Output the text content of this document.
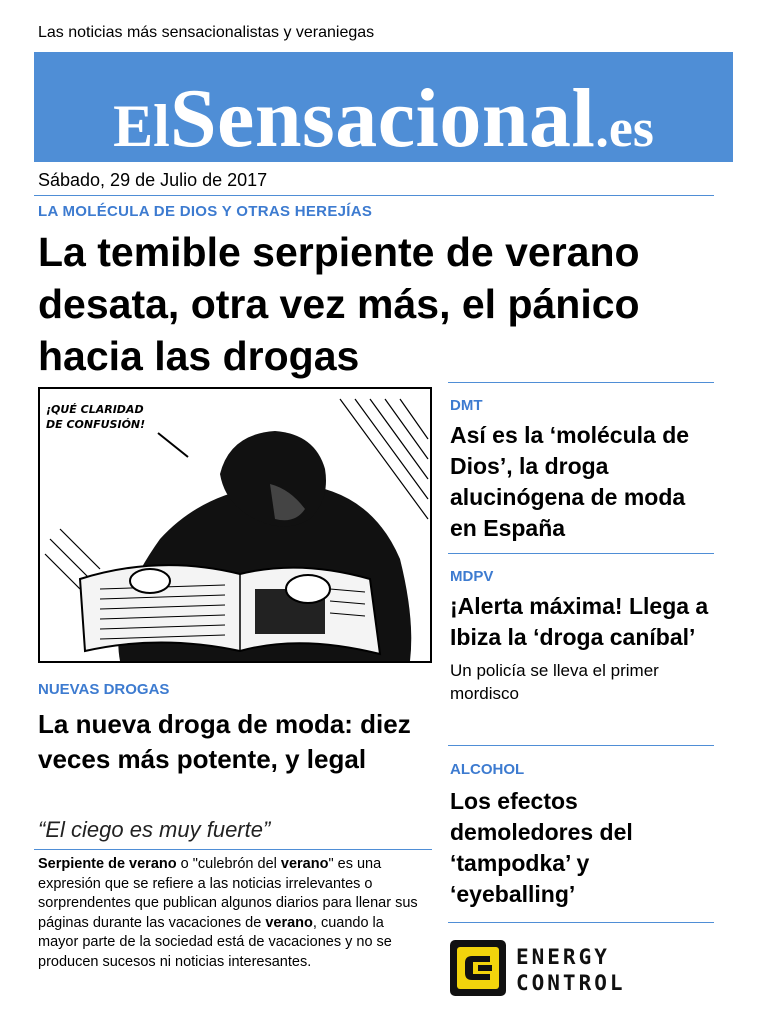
Las noticias más sensacionalistas y veraniegas
ElSensacional.es
Sábado, 29 de Julio de 2017
LA MOLÉCULA DE DIOS Y OTRAS HEREJÍAS
La temible serpiente de verano desata, otra vez más, el pánico hacia las drogas
¡QUÉ CLARIDAD
DE CONFUSIÓN!
DMT
Así es la ‘molécula de Dios’, la droga alucinógena de moda en España
MDPV
¡Alerta máxima! Llega a Ibiza la ‘droga caníbal’
Un policía se lleva el primer mordisco
ALCOHOL
Los efectos demoledores del ‘tampodka’ y ‘eyeballing’
NUEVAS DROGAS
La nueva droga de moda: diez veces más potente, y legal
“El ciego es muy fuerte”
Serpiente de verano o "culebrón del verano" es una expresión que se refiere a las noticias irrelevantes o sorprendentes que publican algunos diarios para llenar sus páginas durante las vacaciones de verano, cuando la mayor parte de la sociedad está de vacaciones y no se producen sucesos ni noticias interesantes.	ENERGY
CONTROL
